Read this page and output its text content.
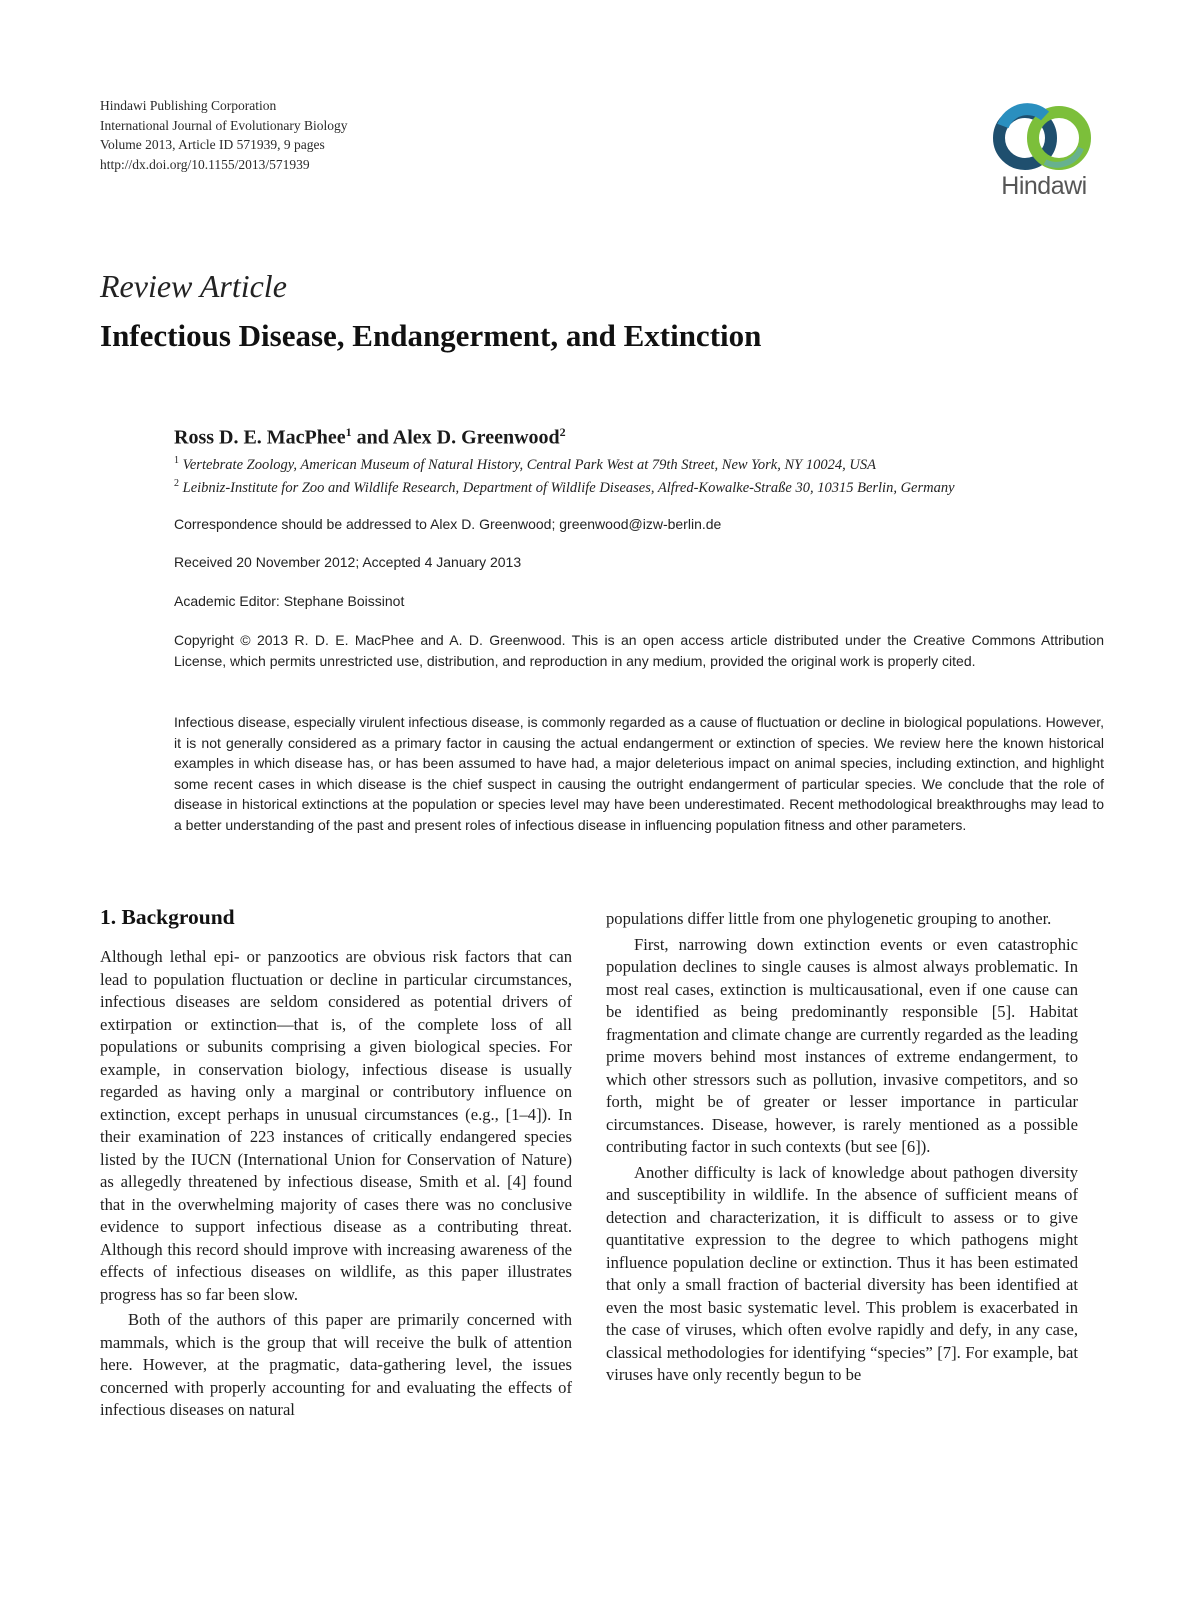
Hindawi Publishing Corporation
International Journal of Evolutionary Biology
Volume 2013, Article ID 571939, 9 pages
http://dx.doi.org/10.1155/2013/571939
Hindawi
Review Article
Infectious Disease, Endangerment, and Extinction
Ross D. E. MacPhee$^1$ and Alex D. Greenwood$^2$
$^1$ Vertebrate Zoology, American Museum of Natural History, Central Park West at 79th Street, New York, NY 10024, USA
$^2$ Leibniz-Institute for Zoo and Wildlife Research, Department of Wildlife Diseases, Alfred-Kowalke-Straße 30, 10315 Berlin, Germany
Correspondence should be addressed to Alex D. Greenwood; greenwood@izw-berlin.de
Received 20 November 2012; Accepted 4 January 2013
Academic Editor: Stephane Boissinot
Copyright © 2013 R. D. E. MacPhee and A. D. Greenwood. This is an open access article distributed under the Creative Commons Attribution License, which permits unrestricted use, distribution, and reproduction in any medium, provided the original work is properly cited.
Infectious disease, especially virulent infectious disease, is commonly regarded as a cause of fluctuation or decline in biological populations. However, it is not generally considered as a primary factor in causing the actual endangerment or extinction of species. We review here the known historical examples in which disease has, or has been assumed to have had, a major deleterious impact on animal species, including extinction, and highlight some recent cases in which disease is the chief suspect in causing the outright endangerment of particular species. We conclude that the role of disease in historical extinctions at the population or species level may have been underestimated. Recent methodological breakthroughs may lead to a better understanding of the past and present roles of infectious disease in influencing population fitness and other parameters.
1. Background

Although lethal epi- or panzootics are obvious risk factors that can lead to population fluctuation or decline in particular circumstances, infectious diseases are seldom considered as potential drivers of extirpation or extinction—that is, of the complete loss of all populations or subunits comprising a given biological species. For example, in conservation biology, infectious disease is usually regarded as having only a marginal or contributory influence on extinction, except perhaps in unusual circumstances (e.g., [1–4]). In their examination of 223 instances of critically endangered species listed by the IUCN (International Union for Conservation of Nature) as allegedly threatened by infectious disease, Smith et al. [4] found that in the overwhelming majority of cases there was no conclusive evidence to support infectious disease as a contributing threat. Although this record should improve with increasing awareness of the effects of infectious diseases on wildlife, as this paper illustrates progress has so far been slow.

Both of the authors of this paper are primarily concerned with mammals, which is the group that will receive the bulk of attention here. However, at the pragmatic, data-gathering level, the issues concerned with properly accounting for and evaluating the effects of infectious diseases on natural

populations differ little from one phylogenetic grouping to another.

First, narrowing down extinction events or even catastrophic population declines to single causes is almost always problematic. In most real cases, extinction is multicausational, even if one cause can be identified as being predominantly responsible [5]. Habitat fragmentation and climate change are currently regarded as the leading prime movers behind most instances of extreme endangerment, to which other stressors such as pollution, invasive competitors, and so forth, might be of greater or lesser importance in particular circumstances. Disease, however, is rarely mentioned as a possible contributing factor in such contexts (but see [6]).

Another difficulty is lack of knowledge about pathogen diversity and susceptibility in wildlife. In the absence of sufficient means of detection and characterization, it is difficult to assess or to give quantitative expression to the degree to which pathogens might influence population decline or extinction. Thus it has been estimated that only a small fraction of bacterial diversity has been identified at even the most basic systematic level. This problem is exacerbated in the case of viruses, which often evolve rapidly and defy, in any case, classical methodologies for identifying “species” [7]. For example, bat viruses have only recently begun to be
